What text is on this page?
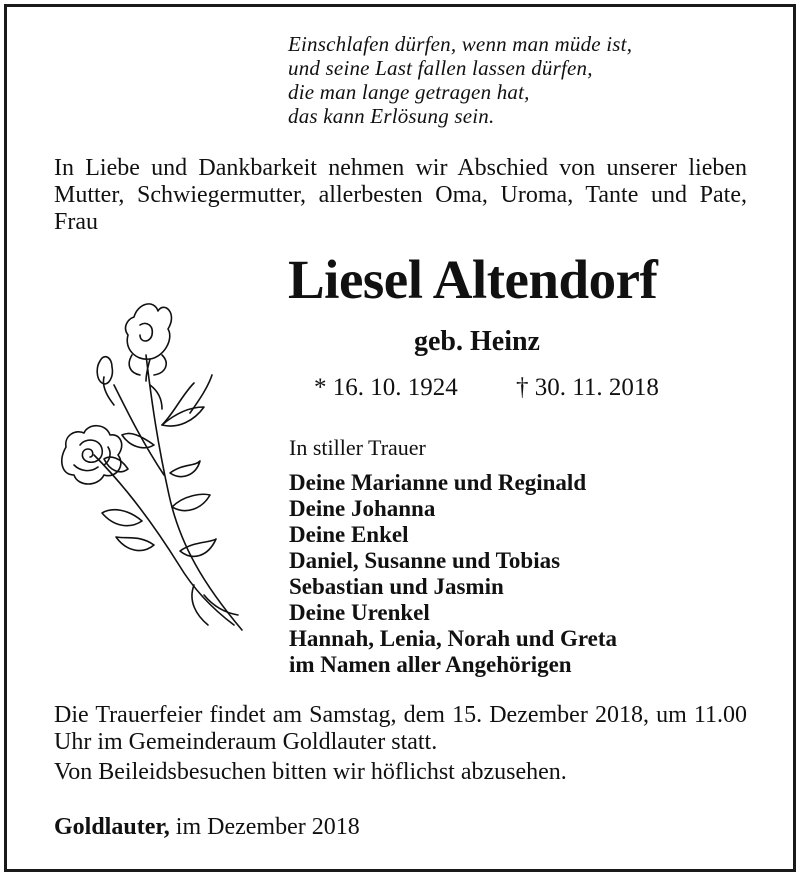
Einschlafen dürfen, wenn man müde ist,
und seine Last fallen lassen dürfen,
die man lange getragen hat,
das kann Erlösung sein.
In Liebe und Dankbarkeit nehmen wir Abschied von unserer lieben Mutter, Schwiegermutter, allerbesten Oma, Uroma, Tante und Pate, Frau
Liesel Altendorf
geb. Heinz
* 16. 10. 1924 † 30. 11. 2018
In stiller Trauer
Deine Marianne und Reginald
Deine Johanna
Deine Enkel
Daniel, Susanne und Tobias
Sebastian und Jasmin
Deine Urenkel
Hannah, Lenia, Norah und Greta
im Namen aller Angehörigen
Die Trauerfeier findet am Samstag, dem 15. Dezember 2018, um 11.00 Uhr im Gemeinderaum Goldlauter statt.
Von Beileidsbesuchen bitten wir höflichst abzusehen.
Goldlauter, im Dezember 2018
